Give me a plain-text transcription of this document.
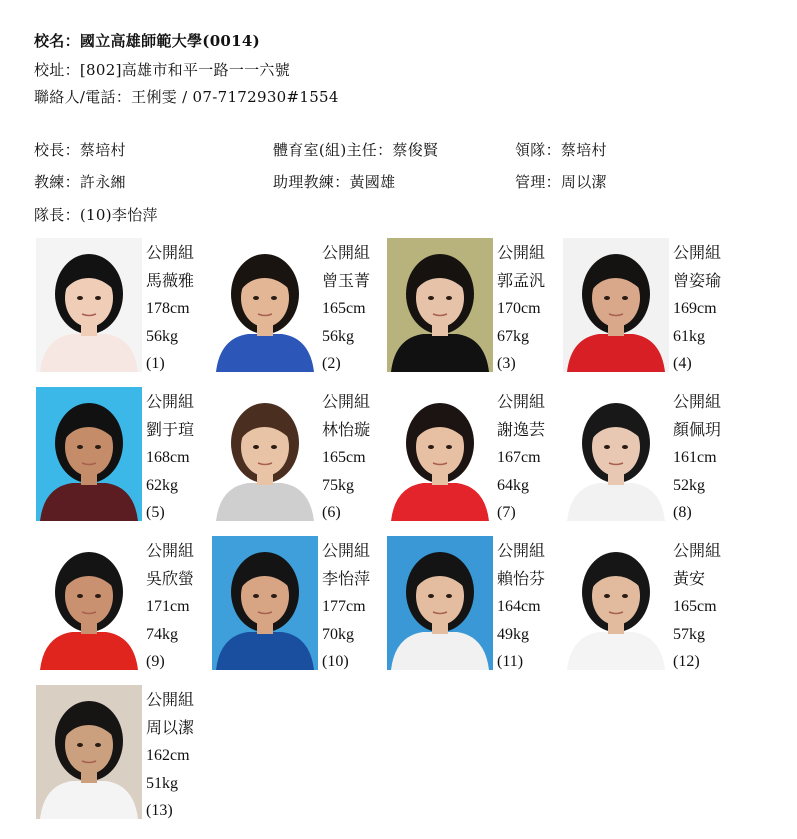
校名：國立高雄師範大學(0014)
校址：[802]高雄市和平一路一一六號
聯絡人/電話：王俐雯 / 07-7172930#1554
校長：蔡培村	體育室(組)主任：蔡俊賢	領隊：蔡培村
教練：許永緗	助理教練：黃國雄	管理：周以潔
隊長：(10)李怡萍
公開組
馬薇雅
178cm
56kg
(1)
公開組
曾玉菁
165cm
56kg
(2)
公開組
郭孟汎
170cm
67kg
(3)
公開組
曾姿瑜
169cm
61kg
(4)
公開組
劉于瑄
168cm
62kg
(5)
公開組
林怡璇
165cm
75kg
(6)
公開組
謝逸芸
167cm
64kg
(7)
公開組
顏佩玥
161cm
52kg
(8)
公開組
吳欣螢
171cm
74kg
(9)
公開組
李怡萍
177cm
70kg
(10)
公開組
賴怡芬
164cm
49kg
(11)
公開組
黃安
165cm
57kg
(12)
公開組
周以潔
162cm
51kg
(13)
